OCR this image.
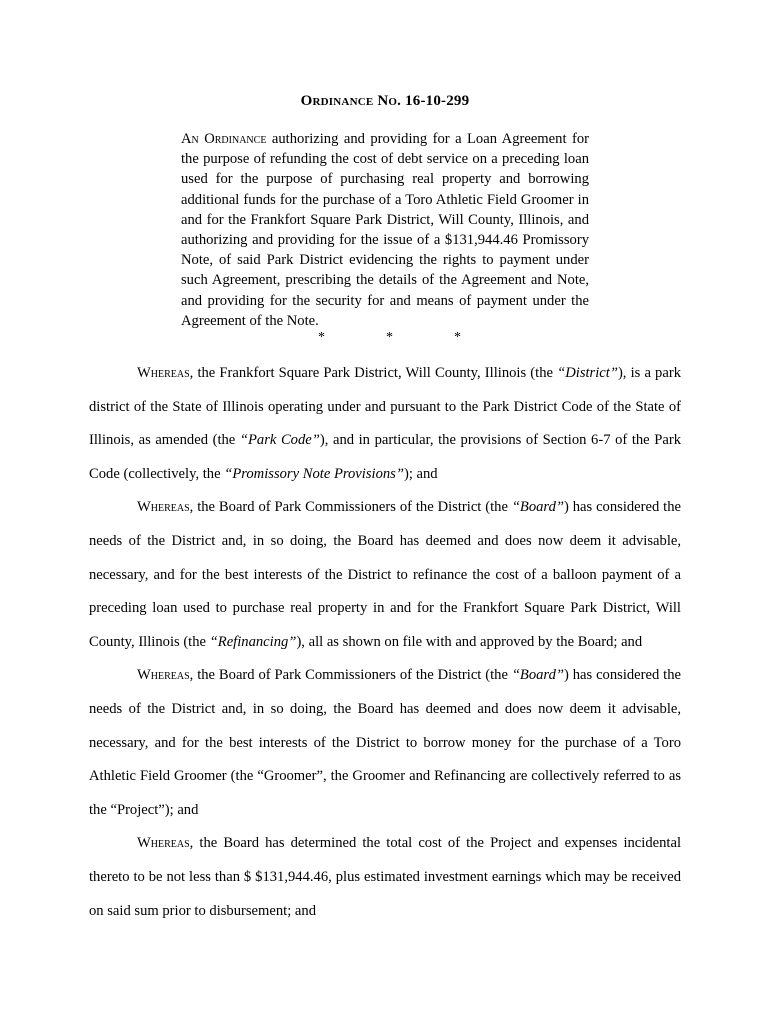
Ordinance No. 16-10-299
An Ordinance authorizing and providing for a Loan Agreement for the purpose of refunding the cost of debt service on a preceding loan used for the purpose of purchasing real property and borrowing additional funds for the purchase of a Toro Athletic Field Groomer in and for the Frankfort Square Park District, Will County, Illinois, and authorizing and providing for the issue of a $131,944.46 Promissory Note, of said Park District evidencing the rights to payment under such Agreement, prescribing the details of the Agreement and Note, and providing for the security for and means of payment under the Agreement of the Note.
*	*	*

Whereas, the Frankfort Square Park District, Will County, Illinois (the “District”), is a park district of the State of Illinois operating under and pursuant to the Park District Code of the State of Illinois, as amended (the “Park Code”), and in particular, the provisions of Section 6-7 of the Park Code (collectively, the “Promissory Note Provisions”); and

Whereas, the Board of Park Commissioners of the District (the “Board”) has considered the needs of the District and, in so doing, the Board has deemed and does now deem it advisable, necessary, and for the best interests of the District to refinance the cost of a balloon payment of a preceding loan used to purchase real property in and for the Frankfort Square Park District, Will County, Illinois (the “Refinancing”), all as shown on file with and approved by the Board; and

Whereas, the Board of Park Commissioners of the District (the “Board”) has considered the needs of the District and, in so doing, the Board has deemed and does now deem it advisable, necessary, and for the best interests of the District to borrow money for the purchase of a Toro Athletic Field Groomer (the “Groomer”, the Groomer and Refinancing are collectively referred to as the “Project”); and

Whereas, the Board has determined the total cost of the Project and expenses incidental thereto to be not less than $ $131,944.46, plus estimated investment earnings which may be received on said sum prior to disbursement; and
